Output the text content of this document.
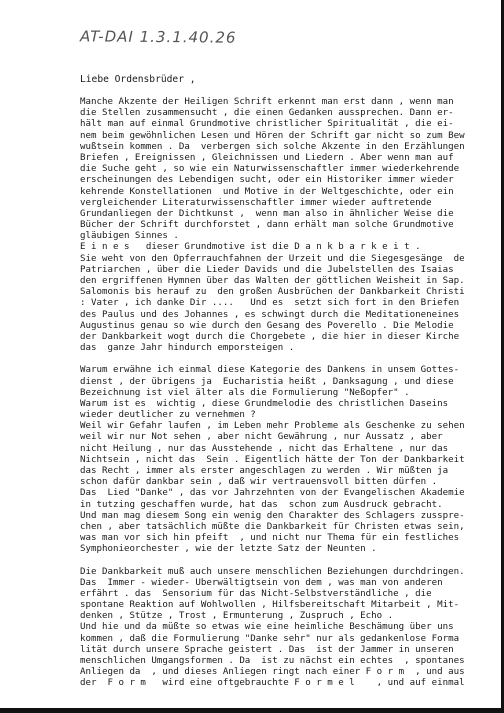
AT-DAI 1.3.1.40.26
Liebe Ordensbrüder ,
Manche Akzente der Heiligen Schrift erkennt man erst dann , wenn man
die Stellen zusammensucht , die einen Gedanken aussprechen. Dann er-
hält man auf einmal Grundmotive christlicher Spiritualität , die ei-
nem beim gewöhnlichen Lesen und Hören der Schrift gar nicht so zum Bew
wußtsein kommen . Da  verbergen sich solche Akzente in den Erzählungen
Briefen , Ereignissen , Gleichnissen und Liedern . Aber wenn man auf
die Suche geht , so wie ein Naturwissenschaftler immer wiederkehrende
erscheinungen des Lebendigen sucht, oder ein Historiker immer wieder
kehrende Konstellationen  und Motive in der Weltgeschichte, oder ein
vergleichender Literaturwissenschaftler immer wieder auftretende
Grundanliegen der Dichtkunst ,  wenn man also in ähnlicher Weise die
Bücher der Schrift durchforstet , dann erhält man solche Grundmotive
gläubigen Sinnes .
E i n e s   dieser Grundmotive ist die D a n k b a r k e i t .
Sie weht von den Opferrauchfahnen der Urzeit und die Siegesgesänge  de
Patriarchen , über die Lieder Davids und die Jubelstellen des Isaias
den ergriffenen Hymnen über das Walten der göttlichen Weisheit in Sap.
Salomonis bis herauf zu  den großen Ausbrüchen der Dankbarkeit Christi
: Vater , ich danke Dir ....   Und es  setzt sich fort in den Briefen
des Paulus und des Johannes , es schwingt durch die Meditationeneines
Augustinus genau so wie durch den Gesang des Poverello . Die Melodie
der Dankbarkeit wogt durch die Chorgebete , die hier in dieser Kirche
das  ganze Jahr hindurch emporsteigen .
Warum erwähne ich einmal diese Kategorie des Dankens in unsem Gottes-
dienst , der übrigens ja  Eucharistia heißt , Danksagung , und diese
Bezeichnung ist viel älter als die Formulierung "Neßopfer" .
Warum ist es  wichtig , diese Grundmelodie des christlichen Daseins
wieder deutlicher zu vernehmen ?
Weil wir Gefahr laufen , im Leben mehr Probleme als Geschenke zu sehen
weil wir nur Not sehen , aber nicht Gewährung , nur Aussatz , aber
nicht Heilung , nur das Ausstehende , nicht das Erhaltene , nur das
Nichtsein , nicht das  Sein . Eigentlich hätte der Ton der Dankbarkeit
das Recht , immer als erster angeschlagen zu werden . Wir müßten ja
schon dafür dankbar sein , daß wir vertrauensvoll bitten dürfen .
Das  Lied "Danke" , das vor Jahrzehnten von der Evangelischen Akademie
in tutzing geschaffen wurde, hat das  schon zum Ausdruck gebracht.
Und man mag diesem Song ein wenig den Charakter des Schlagers zusspre-
chen , aber tatsächlich müßte die Dankbarkeit für Christen etwas sein,
was man vor sich hin pfeift  , und nicht nur Thema für ein festliches
Symphonieorchester , wie der letzte Satz der Neunten .
Die Dankbarkeit muß auch unsere menschlichen Beziehungen durchdringen.
Das  Immer - wieder- Überwältigtsein von dem , was man von anderen
erfährt . das  Sensorium für das Nicht-Selbstverständliche , die
spontane Reaktion auf Wohlwollen , Hilfsbereitschaft Mitarbeit , Mit-
denken , Stütze , Trost , Ermunterung , Zuspruch , Echo .
Und hie und da müßte so etwas wie eine heimliche Beschämung über uns
kommen , daß die Formulierung "Danke sehr" nur als gedankenlose Forma
lität durch unsere Sprache geistert . Das  ist der Jammer in unseren
menschlichen Umgangsformen . Da  ist zu nächst ein echtes  , spontanes
Anliegen da  , und dieses Anliegen ringt nach einer F o r m  , und aus
der  F o r m   wird eine oftgebrauchte F o r m e l    , und auf einmal
